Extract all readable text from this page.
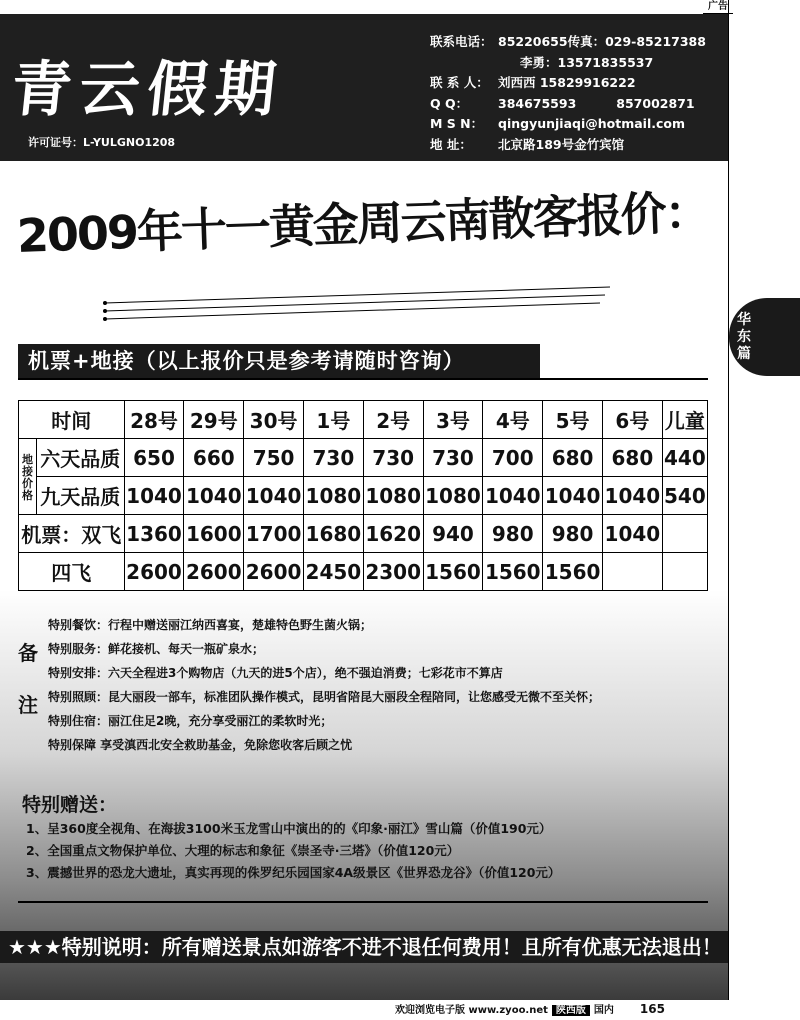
广告
华东篇
青云假期
许可证号：L-YULGNO1208
联系电话： 85220655传真：029-85217388
李勇：13571835537
联 系 人： 刘西西 15829916222
Q Q： 384675593	857002871
M S N： qingyunjiaqi@hotmail.com
地 址： 北京路189号金竹宾馆
2009年十一黄金周云南散客报价：
机票+地接（以上报价只是参考请随时咨询）
时间		28号	29号	30号	1号	2号	3号	4号	5号	6号	儿童
地接价格	六天品质	650	660	750	730	730	730	700	680	680	440
	九天品质	1040	1040	1040	1080	1080	1080	1040	1040	1040	540
机票：双飞		1360	1600	1700	1680	1620	940	980	980	1040	
四飞		2600	2600	2600	2450	2300	1560	1560	1560		
备
注
特别餐饮：行程中赠送丽江纳西喜宴，楚雄特色野生菌火锅；
特别服务：鲜花接机、每天一瓶矿泉水；
特别安排：六天全程进3个购物店（九天的进5个店），绝不强迫消费；七彩花市不算店
特别照顾：昆大丽段一部车，标准团队操作模式，昆明省陪昆大丽段全程陪同，让您感受无微不至关怀；
特别住宿：丽江住足2晚，充分享受丽江的柔软时光；
特别保障 享受滇西北安全救助基金，免除您收客后顾之忧
特别赠送：
1、呈360度全视角、在海拔3100米玉龙雪山中演出的的《印象·丽江》雪山篇（价值190元）
2、全国重点文物保护单位、大理的标志和象征《崇圣寺·三塔》（价值120元）
3、震撼世界的恐龙大遗址，真实再现的侏罗纪乐园国家4A级景区《世界恐龙谷》（价值120元）
★★★特别说明：所有赠送景点如游客不进不退任何费用！且所有优惠无法退出！
欢迎浏览电子版 www.zyoo.net 陕西版 国内 165
